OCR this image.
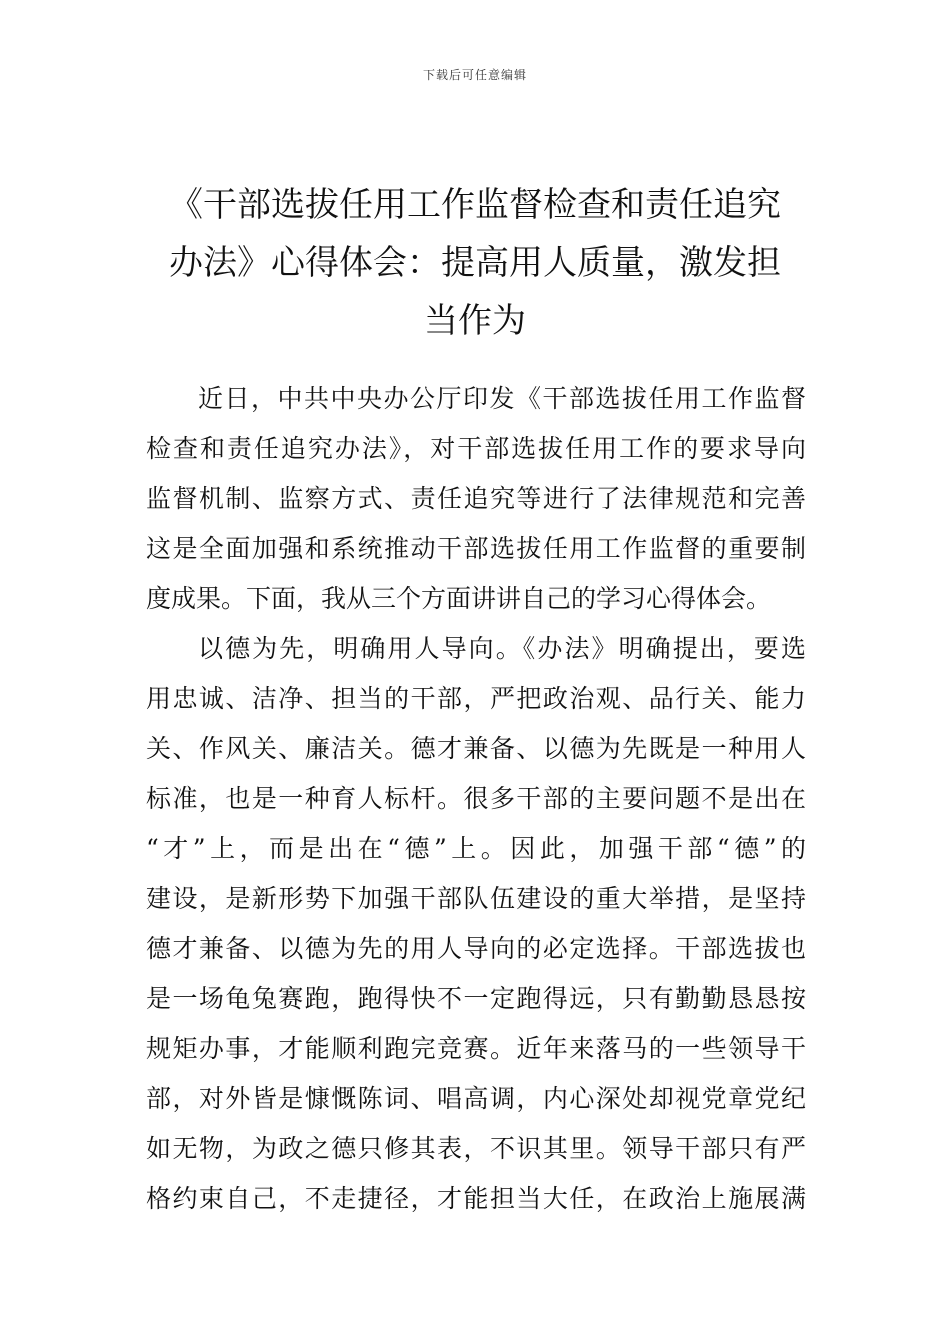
下载后可任意编辑
《干部选拔任用工作监督检查和责任追究
办法》心得体会：提高用人质量，激发担
当作为
近日，中共中央办公厅印发《干部选拔任用工作监督
检查和责任追究办法》，对干部选拔任用工作的要求导向
监督机制、监察方式、责任追究等进行了法律规范和完善
这是全面加强和系统推动干部选拔任用工作监督的重要制
度成果。下面，我从三个方面讲讲自己的学习心得体会。
以德为先，明确用人导向。《办法》明确提出，要选
用忠诚、洁净、担当的干部，严把政治观、品行关、能力
关、作风关、廉洁关。德才兼备、以德为先既是一种用人
标准，也是一种育人标杆。很多干部的主要问题不是出在
“才”上，而是出在“德”上。因此，加强干部“德”的
建设，是新形势下加强干部队伍建设的重大举措，是坚持
德才兼备、以德为先的用人导向的必定选择。干部选拔也
是一场龟兔赛跑，跑得快不一定跑得远，只有勤勤恳恳按
规矩办事，才能顺利跑完竞赛。近年来落马的一些领导干
部，对外皆是慷慨陈词、唱高调，内心深处却视党章党纪
如无物，为政之德只修其表，不识其里。领导干部只有严
格约束自己，不走捷径，才能担当大任，在政治上施展满
